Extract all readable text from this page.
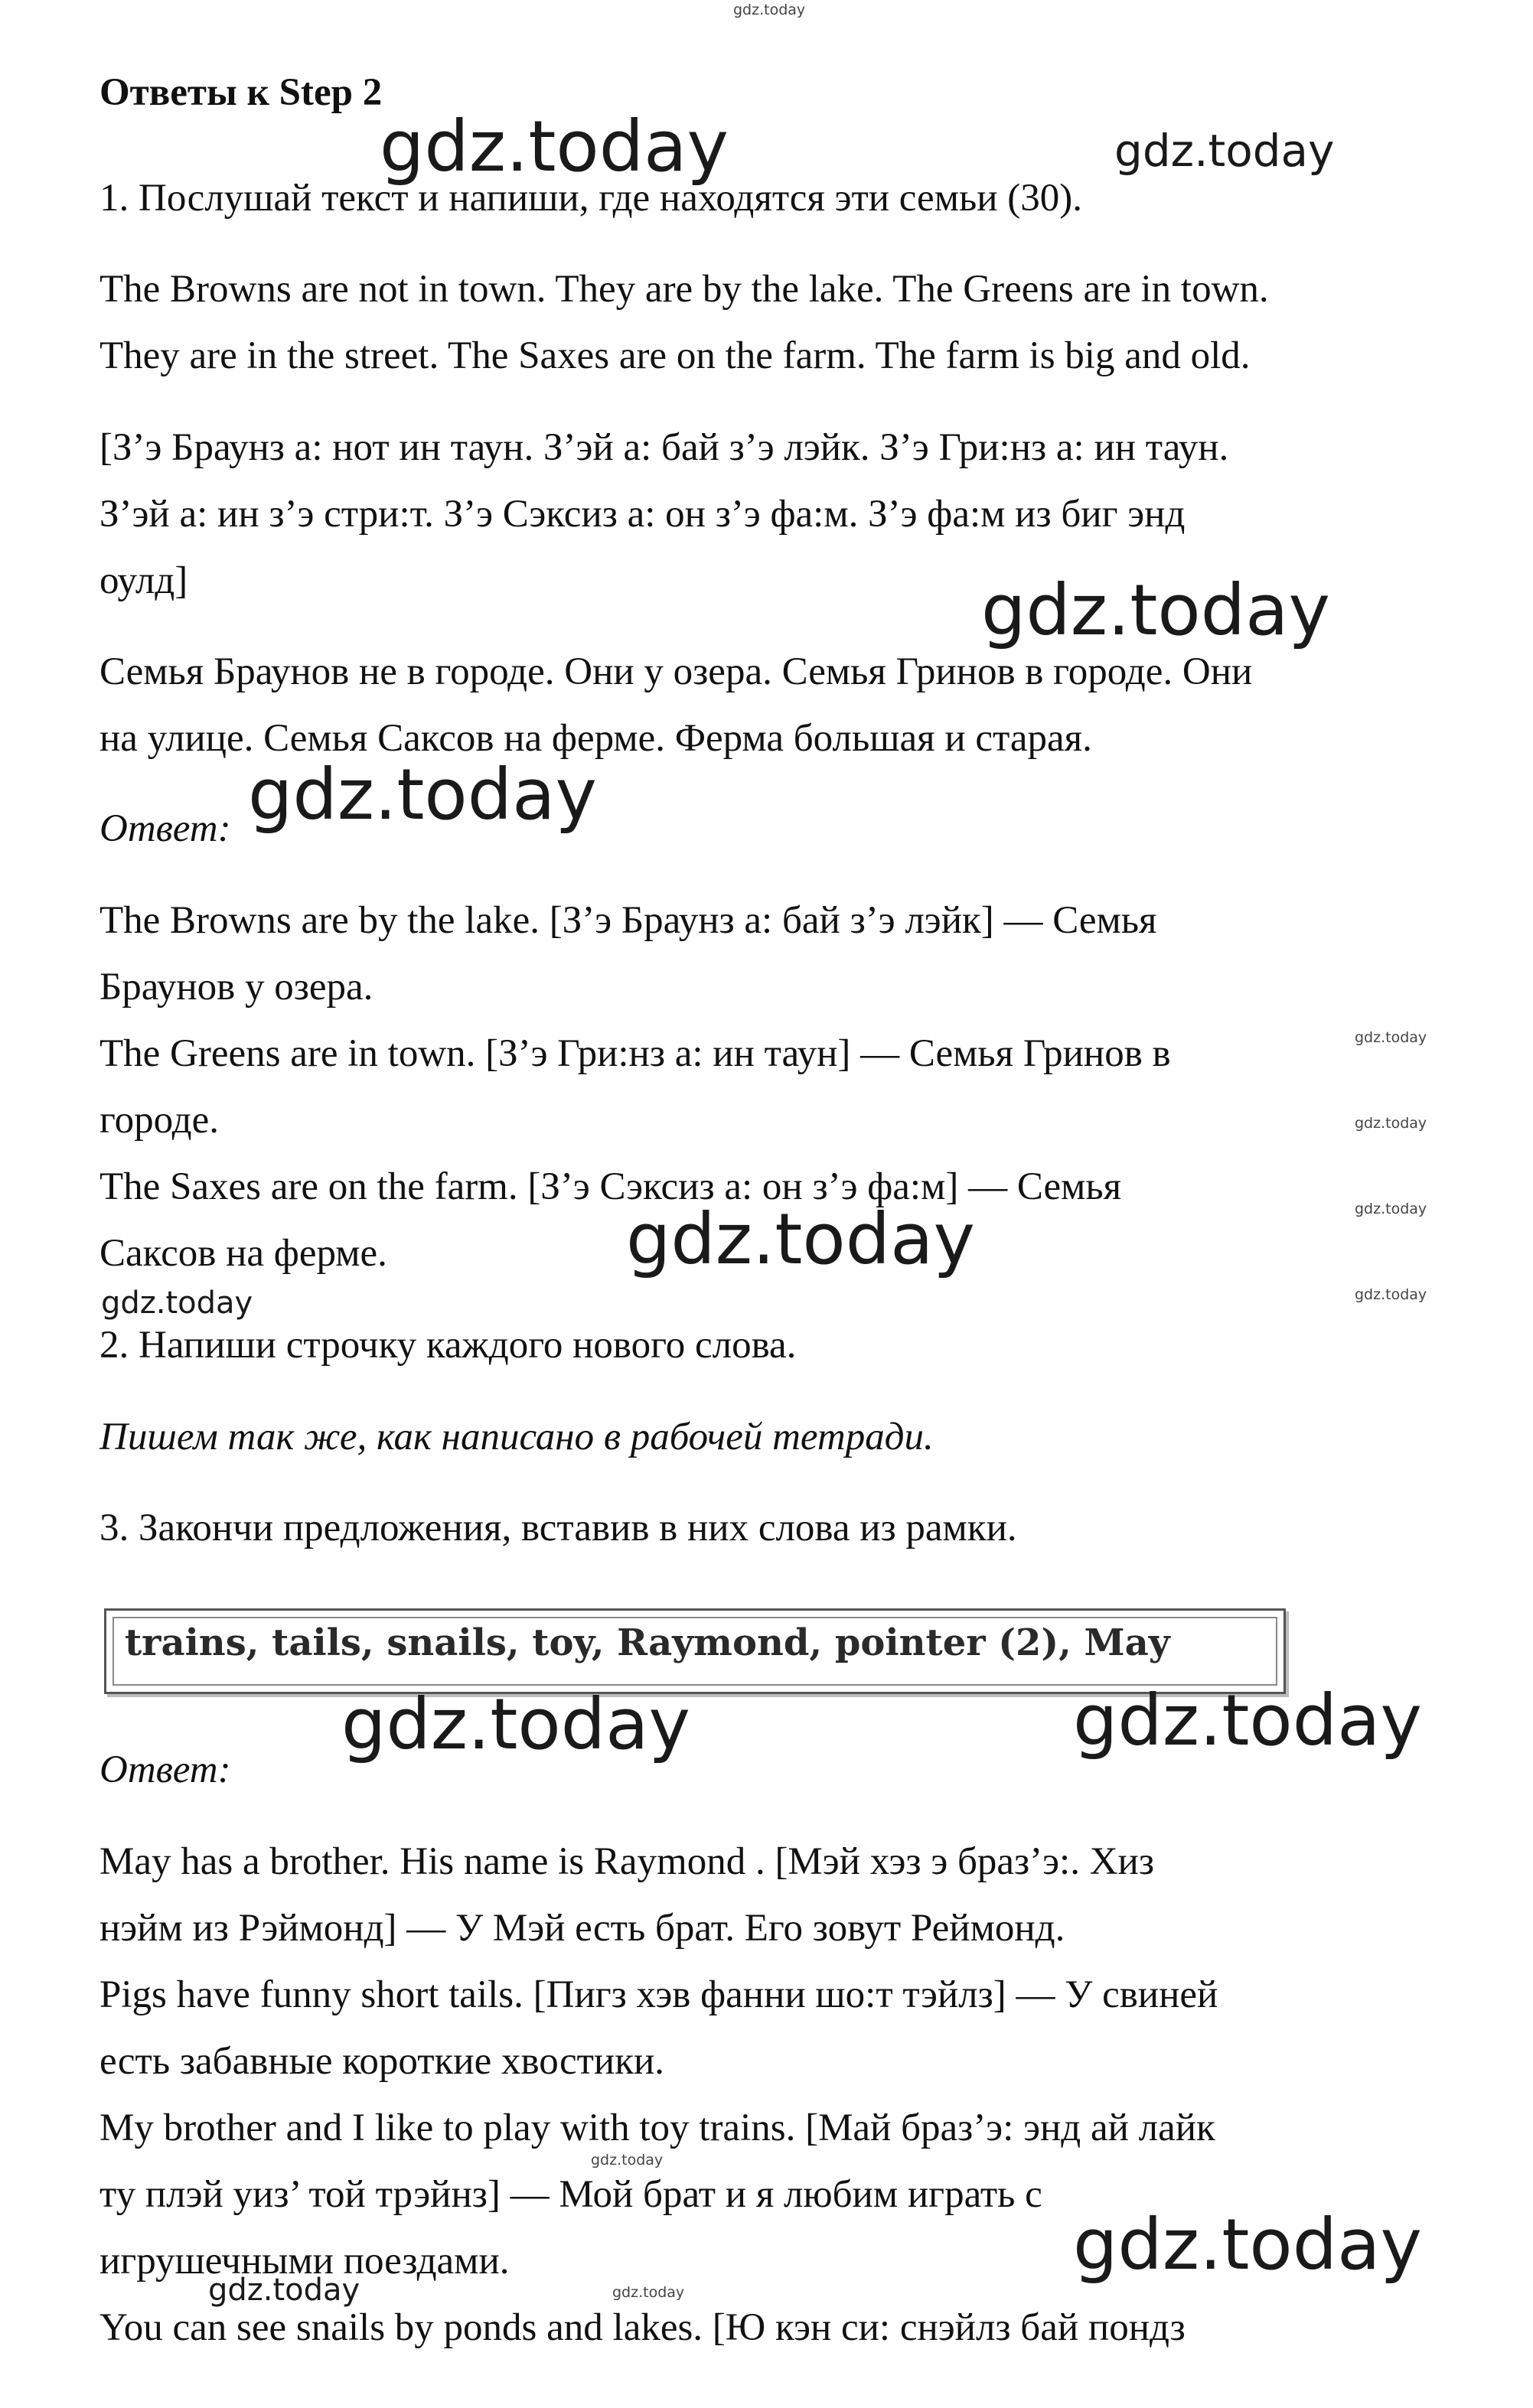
Ответы к Step 2
1. Послушай текст и напиши, где находятся эти семьи (30).
The Browns are not in town. They are by the lake. The Greens are in town.
They are in the street. The Saxes are on the farm. The farm is big and old.
[З’э Браунз а: нот ин таун. З’эй а: бай з’э лэйк. З’э Гри:нз а: ин таун.
З’эй а: ин з’э стри:т. З’э Сэксиз а: он з’э фа:м. З’э фа:м из биг энд
оулд]
Семья Браунов не в городе. Они у озера. Семья Гринов в городе. Они
на улице. Семья Саксов на ферме. Ферма большая и старая.
Ответ:
The Browns are by the lake. [З’э Браунз а: бай з’э лэйк] — Семья
Браунов у озера.
The Greens are in town. [З’э Гри:нз а: ин таун] — Семья Гринов в
городе.
The Saxes are on the farm. [З’э Сэксиз а: он з’э фа:м] — Семья
Саксов на ферме.
2. Напиши строчку каждого нового слова.
Пишем так же, как написано в рабочей тетради.
3. Закончи предложения, вставив в них слова из рамки.
trains, tails, snails, toy, Raymond, pointer (2), May
Ответ:
May has a brother. His name is Raymond . [Мэй хэз э браз’э:. Хиз
нэйм из Рэймонд] — У Мэй есть брат. Его зовут Реймонд.
Pigs have funny short tails. [Пигз хэв фанни шо:т тэйлз] — У свиней
есть забавные короткие хвостики.
My brother and I like to play with toy trains. [Май браз’э: энд ай лайк
ту плэй уиз’ той трэйнз] — Мой брат и я любим играть с
игрушечными поездами.
You can see snails by ponds and lakes. [Ю кэн си: снэйлз бай пондз
gdz.today
gdz.today	gdz.today
gdz.today
gdz.today
gdz.today
gdz.today
gdz.today
gdz.today
gdz.today
gdz.today
gdz.today	gdz.today
gdz.today
gdz.today
gdz.today	gdz.today
